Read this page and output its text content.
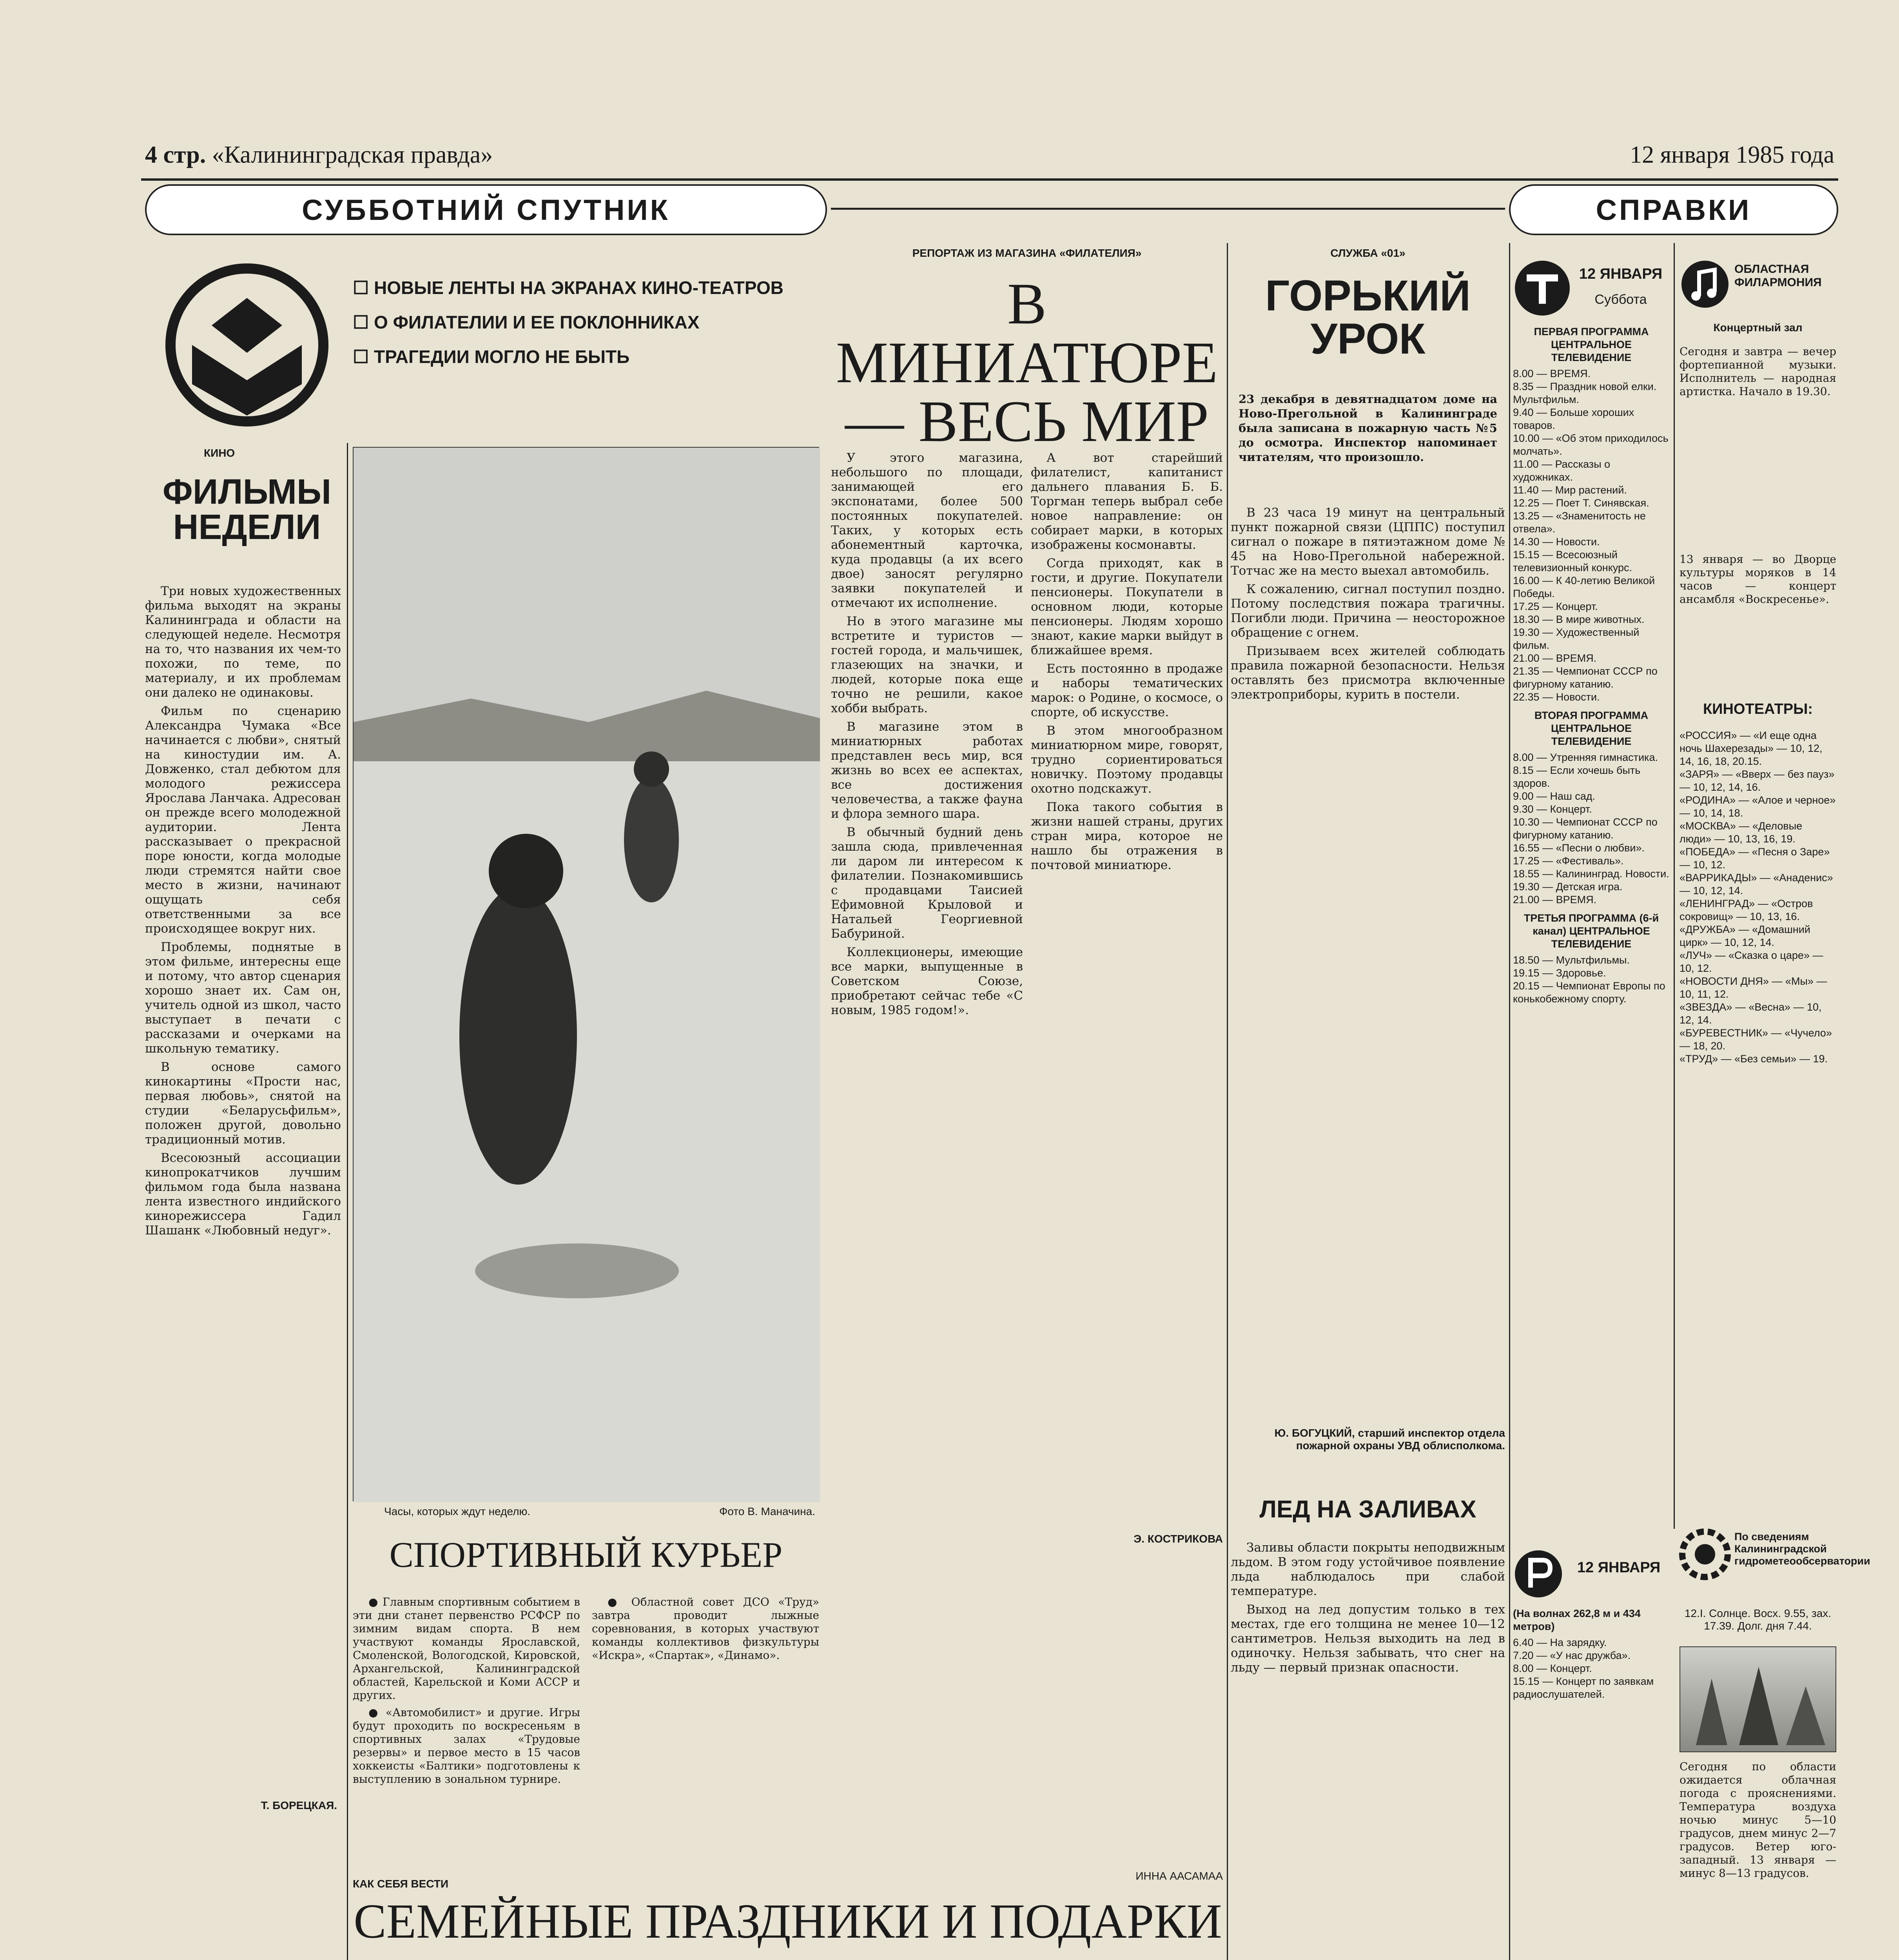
4 стр. «Калининградская правда»	12 января 1985 года
СУББОТНИЙ СПУТНИК	СПРАВКИ
☐ НОВЫЕ ЛЕНТЫ НА ЭКРАНАХ КИНО-ТЕАТРОВ
☐ О ФИЛАТЕЛИИ И ЕЕ ПОКЛОННИКАХ
☐ ТРАГЕДИИ МОГЛО НЕ БЫТЬ
КИНО
ФИЛЬМЫ НЕДЕЛИ

Три новых художественных фильма выходят на экраны Калининграда и области на следующей неделе. Несмотря на то, что названия их чем-то похожи, по теме, по материалу, и их проблемам они далеко не одинаковы.

Фильм по сценарию Александра Чумака «Все начинается с любви», снятый на киностудии им. А. Довженко, стал дебютом для молодого режиссера Ярослава Ланчака. Адресован он прежде всего молодежной аудитории. Лента рассказывает о прекрасной поре юности, когда молодые люди стремятся найти свое место в жизни, начинают ощущать себя ответственными за все происходящее вокруг них.

Проблемы, поднятые в этом фильме, интересны еще и потому, что автор сценария хорошо знает их. Сам он, учитель одной из школ, часто выступает в печати с рассказами и очерками на школьную тематику.

В основе самого кинокартины «Прости нас, первая любовь», снятой на студии «Беларусьфильм», положен другой, довольно традиционный мотив.

Всесоюзный ассоциации кинопрокатчиков лучшим фильмом года была названа лента известного индийского кинорежиссера Гадил Шашанк «Любовный недуг».

Т. БОРЕЦКАЯ.
Часы, которых ждут неделю.	Фото В. Маначина.
СПОРТИВНЫЙ КУРЬЕР

● Главным спортивным событием в эти дни станет первенство РСФСР по зимним видам спорта. В нем участвуют команды Ярославской, Смоленской, Вологодской, Кировской, Архангельской, Калининградской областей, Карельской и Коми АССР и других.

● «Автомобилист» и другие. Игры будут проходить по воскресеньям в спортивных залах «Трудовые резервы» и первое место в 15 часов хоккеисты «Балтики» подготовлены к выступлению в зональном турнире.

● Областной совет ДСО «Труд» завтра проводит лыжные соревнования, в которых участвуют команды коллективов физкультуры «Искра», «Спартак», «Динамо».

РЕПОРТАЖ ИЗ МАГАЗИНА «ФИЛАТЕЛИЯ»
В МИНИАТЮРЕ— ВЕСЬ МИР

У этого магазина, небольшого по площади, занимающей его экспонатами, более 500 постоянных покупателей. Таких, у которых есть абонементный карточка, куда продавцы (а их всего двое) заносят регулярно заявки покупателей и отмечают их исполнение.

Но в этого магазине мы встретите и туристов — гостей города, и мальчишек, глазеющих на значки, и людей, которые пока еще точно не решили, какое хобби выбрать.

В магазине этом в миниатюрных работах представлен весь мир, вся жизнь во всех ее аспектах, все достижения человечества, а также фауна и флора земного шара.

В обычный будний день зашла сюда, привлеченная ли даром ли интересом к филателии. Познакомившись с продавцами Таисией Ефимовной Крыловой и Натальей Георгиевной Бабуриной.

Коллекционеры, имеющие все марки, выпущенные в Советском Союзе, приобретают сейчас тебе «С новым, 1985 годом!».

А вот старейший филателист, капитанист дальнего плавания Б. Б. Торгман теперь выбрал себе новое направление: он собирает марки, в которых изображены космонавты.

Согда приходят, как в гости, и другие. Покупатели пенсионеры. Покупатели в основном люди, которые пенсионеры. Людям хорошо знают, какие марки выйдут в ближайшее время.

Есть постоянно в продаже и наборы тематических марок: о Родине, о космосе, о спорте, об искусстве.

В этом многообразном миниатюрном мире, говорят, трудно сориентироваться новичку. Поэтому продавцы охотно подскажут.

Пока такого события в жизни нашей страны, других стран мира, которое не нашло бы отражения в почтовой миниатюре.

Э. КОСТРИКОВА
СЛУЖБА «01»
ГОРЬКИЙ УРОК
23 декабря в девятнадцатом доме на Ново-Прегольной в Калининграде была записана в пожарную часть №5 до осмотра. Инспектор напоминает читателям, что произошло.

В 23 часа 19 минут на центральный пункт пожарной связи (ЦППС) поступил сигнал о пожаре в пятиэтажном доме № 45 на Ново-Прегольной набережной. Тотчас же на место выехал автомобиль.

К сожалению, сигнал поступил поздно. Потому последствия пожара трагичны. Погибли люди. Причина — неосторожное обращение с огнем.

Призываем всех жителей соблюдать правила пожарной безопасности. Нельзя оставлять без присмотра включенные электроприборы, курить в постели.

Ю. БОГУЦКИЙ, старший инспектор отдела пожарной охраны УВД облисполкома.
ЛЕД НА ЗАЛИВАХ

Заливы области покрыты неподвижным льдом. В этом году устойчивое появление льда наблюдалось при слабой температуре.

Выход на лед допустим только в тех местах, где его толщина не менее 10—12 сантиметров. Нельзя выходить на лед в одиночку. Нельзя забывать, что снег на льду — первый признак опасности.

КАК СЕБЯ ВЕСТИ
СЕМЕЙНЫЕ ПРАЗДНИКИ И ПОДАРКИ
ИННА ААСАМАА
12 ЯНВАРЯ
Суббота
ПЕРВАЯ ПРОГРАММА ЦЕНТРАЛЬНОЕ ТЕЛЕВИДЕНИЕ
8.00 — ВРЕМЯ.
8.35 — Праздник новой елки. Мультфильм.
9.40 — Больше хороших товаров.
10.00 — «Об этом приходилось молчать».
11.00 — Рассказы о художниках.
11.40 — Мир растений.
12.25 — Поет Т. Синявская.
13.25 — «Знаменитость не отвела».
14.30 — Новости.
15.15 — Всесоюзный телевизионный конкурс.
16.00 — К 40-летию Великой Победы.
17.25 — Концерт.
18.30 — В мире животных.
19.30 — Художественный фильм.
21.00 — ВРЕМЯ.
21.35 — Чемпионат СССР по фигурному катанию.
22.35 — Новости.
ВТОРАЯ ПРОГРАММА ЦЕНТРАЛЬНОЕ ТЕЛЕВИДЕНИЕ
8.00 — Утренняя гимнастика.
8.15 — Если хочешь быть здоров.
9.00 — Наш сад.
9.30 — Концерт.
10.30 — Чемпионат СССР по фигурному катанию.
16.55 — «Песни о любви».
17.25 — «Фестиваль».
18.55 — Калининград. Новости.
19.30 — Детская игра.
21.00 — ВРЕМЯ.
ТРЕТЬЯ ПРОГРАММА (6-й канал) ЦЕНТРАЛЬНОЕ ТЕЛЕВИДЕНИЕ
18.50 — Мультфильмы.
19.15 — Здоровье.
20.15 — Чемпионат Европы по конькобежному спорту.
12 ЯНВАРЯ
(На волнах 262,8 м и 434 метров)
6.40 — На зарядку.
7.20 — «У нас дружба».
8.00 — Концерт.
15.15 — Концерт по заявкам радиослушателей.
ОБЛАСТНАЯ ФИЛАРМОНИЯ
Концертный зал
Сегодня и завтра — вечер фортепианной музыки. Исполнитель — народная артистка. Начало в 19.30.
13 января — во Дворце культуры моряков в 14 часов — концерт ансамбля «Воскресенье».
КИНОТЕАТРЫ:
«РОССИЯ» — «И еще одна ночь Шахерезады» — 10, 12, 14, 16, 18, 20.15.
«ЗАРЯ» — «Вверх — без пауз» — 10, 12, 14, 16.
«РОДИНА» — «Алое и черное» — 10, 14, 18.
«МОСКВА» — «Деловые люди» — 10, 13, 16, 19.
«ПОБЕДА» — «Песня о Заре» — 10, 12.
«ВАРРИКАДЫ» — «Анаденис» — 10, 12, 14.
«ЛЕНИНГРАД» — «Остров сокровищ» — 10, 13, 16.
«ДРУЖБА» — «Домашний цирк» — 10, 12, 14.
«ЛУЧ» — «Сказка о царе» — 10, 12.
«НОВОСТИ ДНЯ» — «Мы» — 10, 11, 12.
«ЗВЕЗДА» — «Весна» — 10, 12, 14.
«БУРЕВЕСТНИК» — «Чучело» — 18, 20.
«ТРУД» — «Без семьи» — 19.
По сведениям Калининградской гидрометеообсерватории
12.I. Солнце. Восх. 9.55, зах. 17.39. Долг. дня 7.44.
Сегодня по области ожидается облачная погода с прояснениями. Температура воздуха ночью минус 5—10 градусов, днем минус 2—7 градусов. Ветер юго-западный. 13 января — минус 8—13 градусов.
